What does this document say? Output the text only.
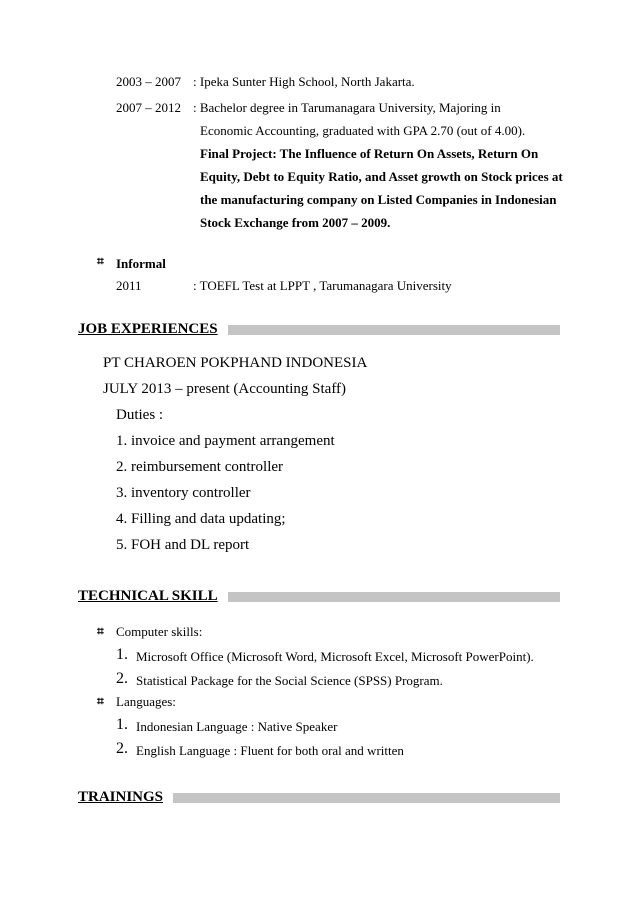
2003 – 2007 : Ipeka Sunter High School, North Jakarta.
2007 – 2012 : Bachelor degree in Tarumanagara University, Majoring in
Economic Accounting, graduated with GPA 2.70 (out of 4.00).
Final Project: The Influence of Return On Assets, Return On
Equity, Debt to Equity Ratio, and Asset growth on Stock prices at
the manufacturing company on Listed Companies in Indonesian
Stock Exchange from 2007 – 2009.
⌗ Informal
2011	: TOEFL Test at LPPT , Tarumanagara University
JOB EXPERIENCES
PT CHAROEN POKPHAND INDONESIA
JULY 2013 – present (Accounting Staff)
Duties :
1. invoice and payment arrangement
2. reimbursement controller
3. inventory controller
4. Filling and data updating;
5. FOH and DL report
TECHNICAL SKILL
⌗ Computer skills:
1. Microsoft Office (Microsoft Word, Microsoft Excel, Microsoft PowerPoint).
2. Statistical Package for the Social Science (SPSS) Program.
⌗ Languages:
1. Indonesian Language : Native Speaker
2. English Language : Fluent for both oral and written
TRAININGS
